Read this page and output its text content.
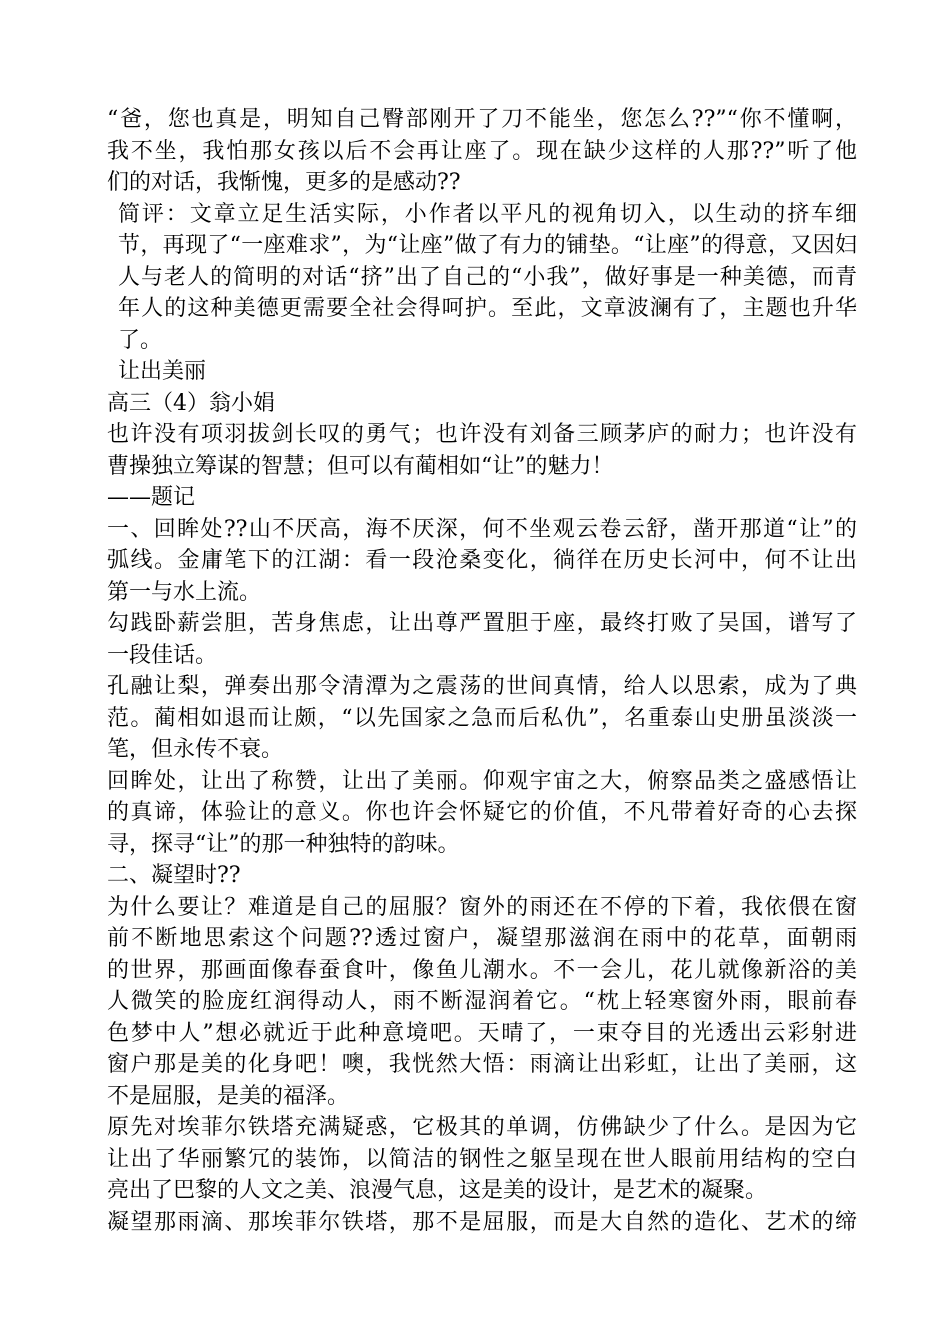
“爸，您也真是，明知自己臀部刚开了刀不能坐，您怎么??”“你不懂啊，
我不坐，我怕那女孩以后不会再让座了。现在缺少这样的人那??”听了他
们的对话，我惭愧，更多的是感动??
简评：文章立足生活实际，小作者以平凡的视角切入，以生动的挤车细
节，再现了“一座难求”，为“让座”做了有力的铺垫。“让座”的得意，又因妇
人与老人的简明的对话“挤”出了自己的“小我”，做好事是一种美德，而青
年人的这种美德更需要全社会得呵护。至此，文章波澜有了，主题也升华
了。
让出美丽
高三（4）翁小娟
也许没有项羽拔剑长叹的勇气；也许没有刘备三顾茅庐的耐力；也许没有
曹操独立筹谋的智慧；但可以有蔺相如“让”的魅力！
——题记
一、回眸处??山不厌高，海不厌深，何不坐观云卷云舒，凿开那道“让”的
弧线。金庸笔下的江湖：看一段沧桑变化，徜徉在历史长河中，何不让出
第一与水上流。
勾践卧薪尝胆，苦身焦虑，让出尊严置胆于座，最终打败了吴国，谱写了
一段佳话。
孔融让梨，弹奏出那令清潭为之震荡的世间真情，给人以思索，成为了典
范。蔺相如退而让颇，“以先国家之急而后私仇”，名重泰山史册虽淡淡一
笔，但永传不衰。
回眸处，让出了称赞，让出了美丽。仰观宇宙之大，俯察品类之盛感悟让
的真谛，体验让的意义。你也许会怀疑它的价值，不凡带着好奇的心去探
寻，探寻“让”的那一种独特的韵味。
二、凝望时??
为什么要让？难道是自己的屈服？窗外的雨还在不停的下着，我依偎在窗
前不断地思索这个问题??透过窗户，凝望那滋润在雨中的花草，面朝雨
的世界，那画面像春蚕食叶，像鱼儿潮水。不一会儿，花儿就像新浴的美
人微笑的脸庞红润得动人，雨不断湿润着它。“枕上轻寒窗外雨，眼前春
色梦中人”想必就近于此种意境吧。天晴了，一束夺目的光透出云彩射进
窗户那是美的化身吧！噢，我恍然大悟：雨滴让出彩虹，让出了美丽，这
不是屈服，是美的福泽。
原先对埃菲尔铁塔充满疑惑，它极其的单调，仿佛缺少了什么。是因为它
让出了华丽繁冗的装饰，以简洁的钢性之躯呈现在世人眼前用结构的空白
亮出了巴黎的人文之美、浪漫气息，这是美的设计，是艺术的凝聚。
凝望那雨滴、那埃菲尔铁塔，那不是屈服，而是大自然的造化、艺术的缔
